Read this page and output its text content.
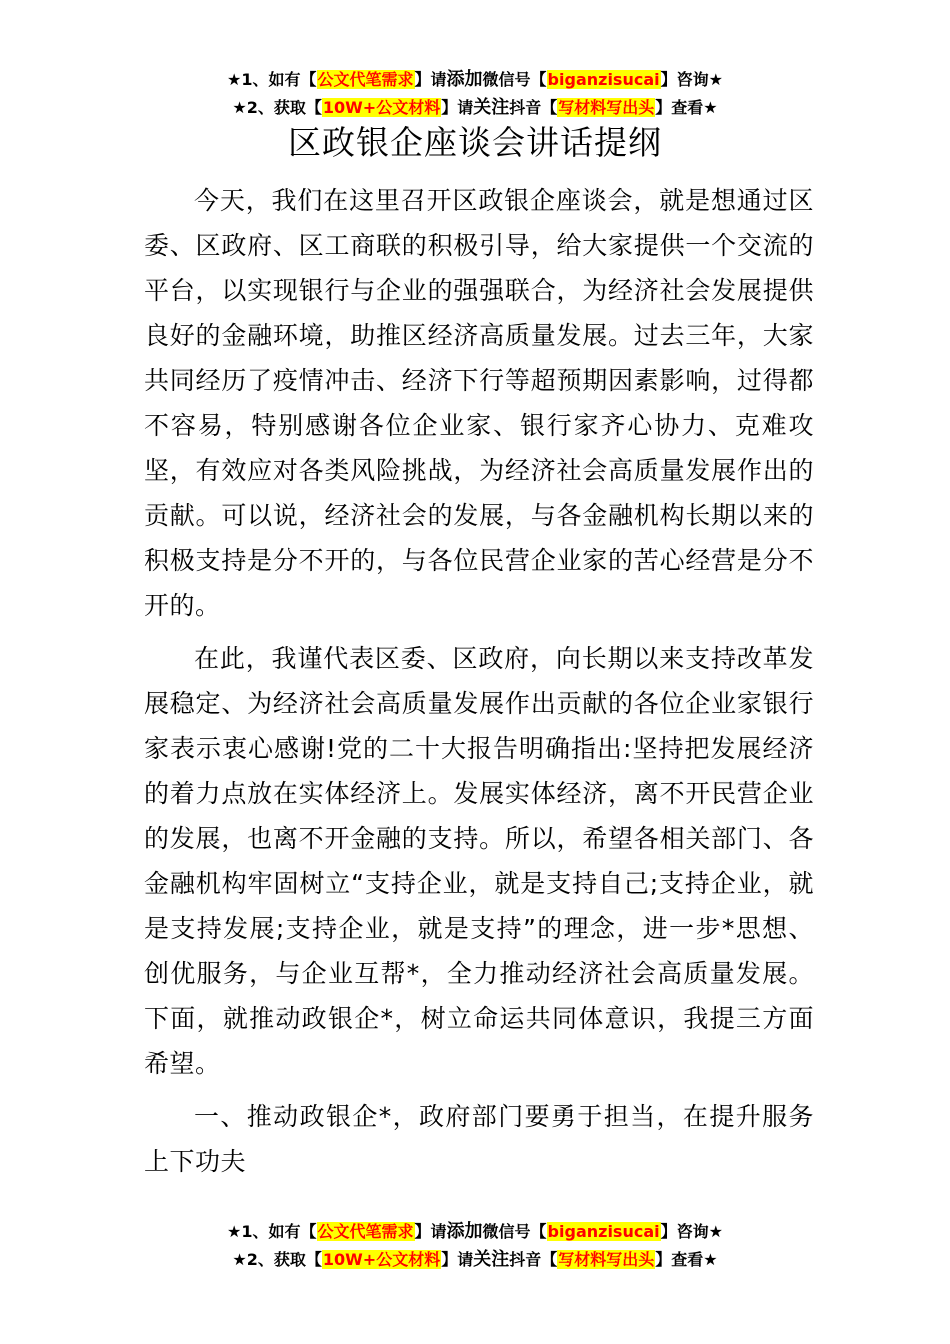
★1、如有【公文代笔需求】请添加微信号【biganzisucai】咨询★
★2、获取【10W+公文材料】请关注抖音【写材料写出头】查看★
区政银企座谈会讲话提纲

今天，我们在这里召开区政银企座谈会，就是想通过区委、区政府、区工商联的积极引导，给大家提供一个交流的平台，以实现银行与企业的强强联合，为经济社会发展提供良好的金融环境，助推区经济高质量发展。过去三年，大家共同经历了疫情冲击、经济下行等超预期因素影响，过得都不容易，特别感谢各位企业家、银行家齐心协力、克难攻坚，有效应对各类风险挑战，为经济社会高质量发展作出的贡献。可以说，经济社会的发展，与各金融机构长期以来的积极支持是分不开的，与各位民营企业家的苦心经营是分不开的。

在此，我谨代表区委、区政府，向长期以来支持改革发展稳定、为经济社会高质量发展作出贡献的各位企业家银行家表示衷心感谢!党的二十大报告明确指出:坚持把发展经济的着力点放在实体经济上。发展实体经济，离不开民营企业的发展，也离不开金融的支持。所以，希望各相关部门、各金融机构牢固树立“支持企业，就是支持自己;支持企业，就是支持发展;支持企业，就是支持”的理念，进一步*思想、创优服务，与企业互帮*，全力推动经济社会高质量发展。下面，就推动政银企*，树立命运共同体意识，我提三方面希望。

一、推动政银企*，政府部门要勇于担当，在提升服务上下功夫

★1、如有【公文代笔需求】请添加微信号【biganzisucai】咨询★
★2、获取【10W+公文材料】请关注抖音【写材料写出头】查看★
